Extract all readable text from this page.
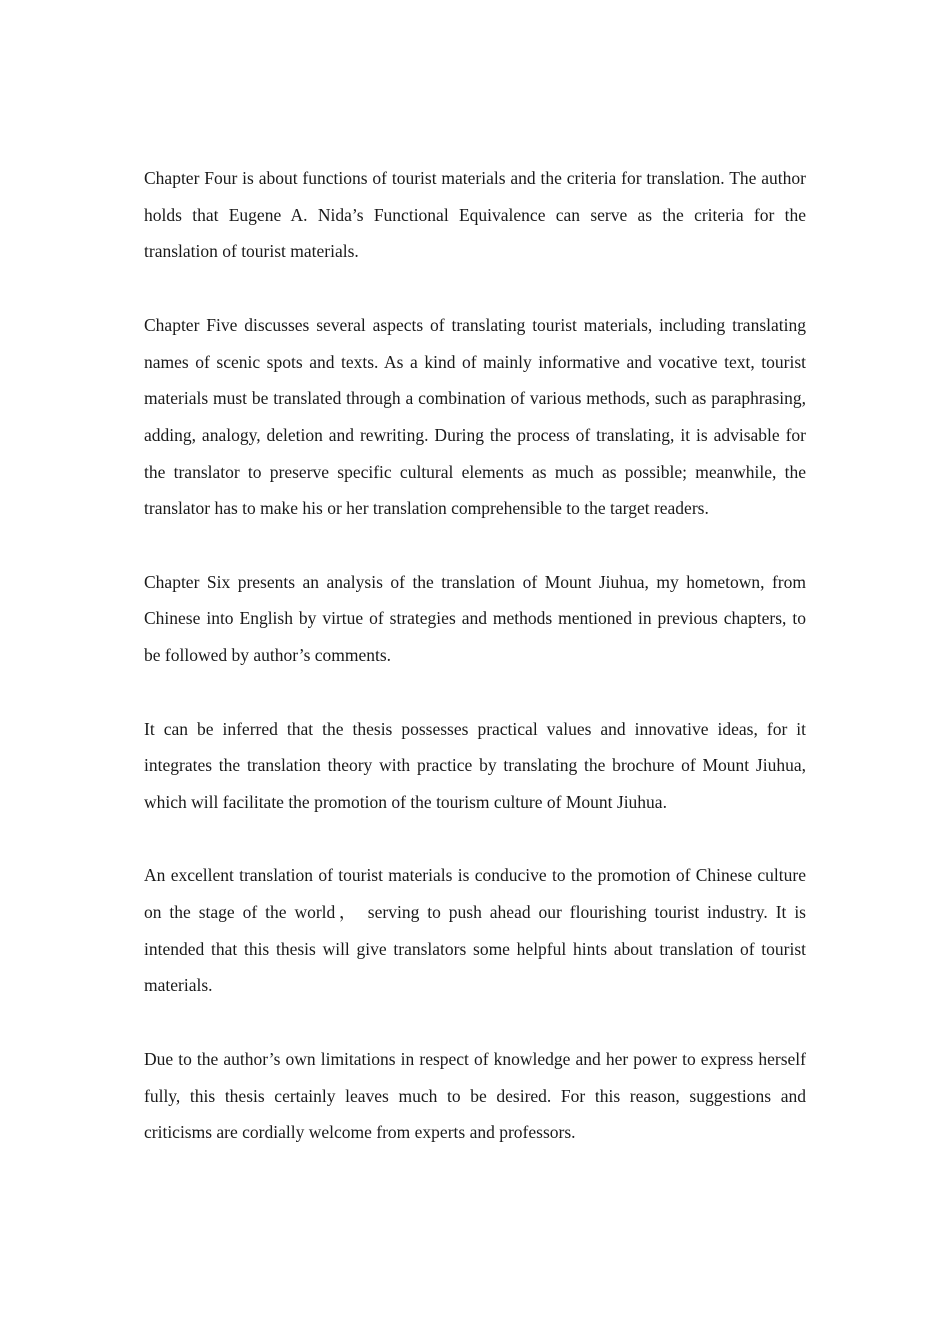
Chapter Four is about functions of tourist materials and the criteria for translation. The author holds that Eugene A. Nida’s Functional Equivalence can serve as the criteria for the translation of tourist materials.

Chapter Five discusses several aspects of translating tourist materials, including translating names of scenic spots and texts. As a kind of mainly informative and vocative text, tourist materials must be translated through a combination of various methods, such as paraphrasing, adding, analogy, deletion and rewriting. During the process of translating, it is advisable for the translator to preserve specific cultural elements as much as possible; meanwhile, the translator has to make his or her translation comprehensible to the target readers.

Chapter Six presents an analysis of the translation of Mount Jiuhua, my hometown, from Chinese into English by virtue of strategies and methods mentioned in previous chapters, to be followed by author’s comments.

It can be inferred that the thesis possesses practical values and innovative ideas, for it integrates the translation theory with practice by translating the brochure of Mount Jiuhua, which will facilitate the promotion of the tourism culture of Mount Jiuhua.

An excellent translation of tourist materials is conducive to the promotion of Chinese culture on the stage of the world， serving to push ahead our flourishing tourist industry. It is intended that this thesis will give translators some helpful hints about translation of tourist materials.

Due to the author’s own limitations in respect of knowledge and her power to express herself fully, this thesis certainly leaves much to be desired. For this reason, suggestions and criticisms are cordially welcome from experts and professors.
